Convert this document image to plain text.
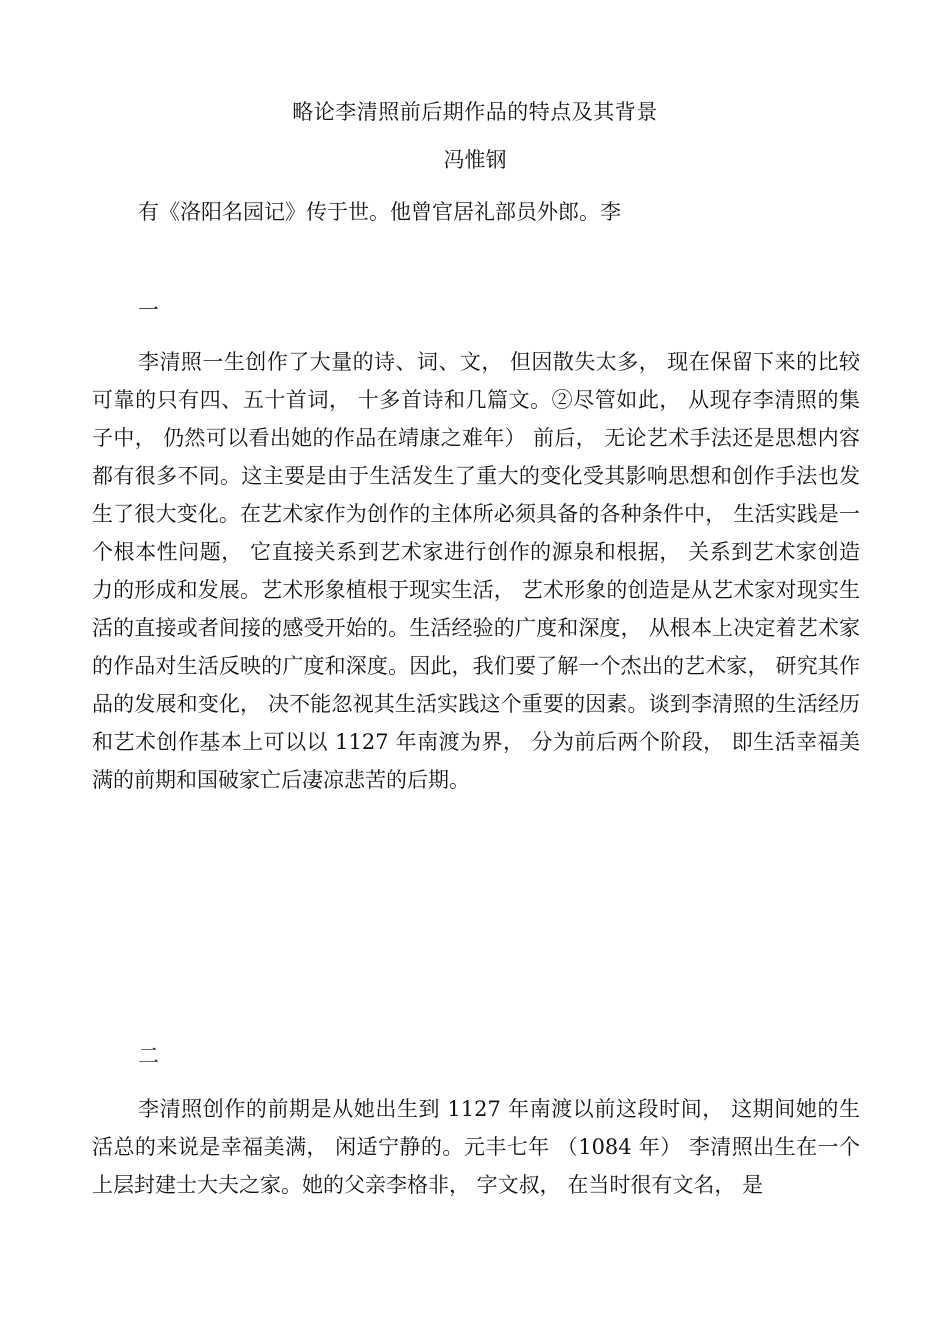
略论李清照前后期作品的特点及其背景
冯惟钢
有《洛阳名园记》传于世。他曾官居礼部员外郎。李
一

李清照一生创作了大量的诗、词、文， 但因散失太多， 现在保留下来的比较可靠的只有四、五十首词， 十多首诗和几篇文。②尽管如此， 从现存李清照的集子中， 仍然可以看出她的作品在靖康之难年） 前后， 无论艺术手法还是思想内容都有很多不同。这主要是由于生活发生了重大的变化受其影响思想和创作手法也发生了很大变化。在艺术家作为创作的主体所必须具备的各种条件中， 生活实践是一个根本性问题， 它直接关系到艺术家进行创作的源泉和根据， 关系到艺术家创造力的形成和发展。艺术形象植根于现实生活， 艺术形象的创造是从艺术家对现实生活的直接或者间接的感受开始的。生活经验的广度和深度， 从根本上决定着艺术家的作品对生活反映的广度和深度。因此，我们要了解一个杰出的艺术家， 研究其作品的发展和变化， 决不能忽视其生活实践这个重要的因素。谈到李清照的生活经历和艺术创作基本上可以以 1127 年南渡为界， 分为前后两个阶段， 即生活幸福美满的前期和国破家亡后凄凉悲苦的后期。

二

李清照创作的前期是从她出生到 1127 年南渡以前这段时间， 这期间她的生活总的来说是幸福美满， 闲适宁静的。元丰七年 （1084 年） 李清照出生在一个上层封建士大夫之家。她的父亲李格非， 字文叔， 在当时很有文名， 是
